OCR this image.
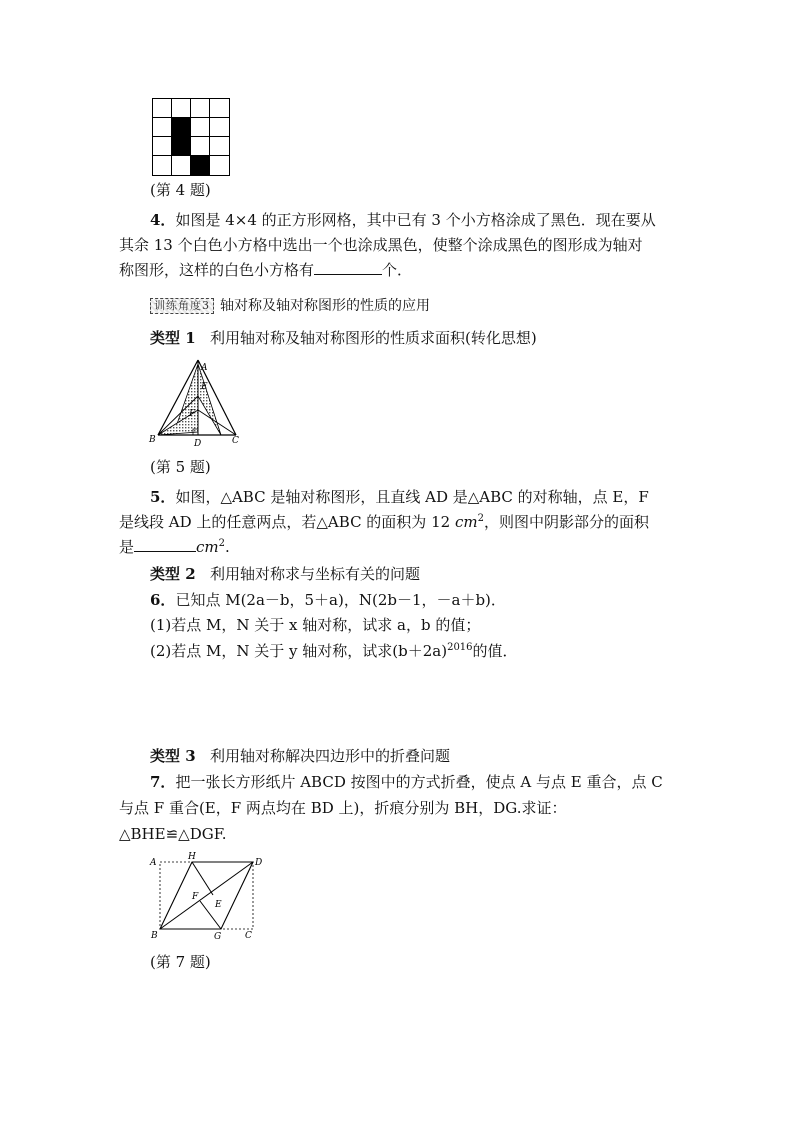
(第 4 题)
4．如图是 4×4 的正方形网格，其中已有 3 个小方格涂成了黑色．现在要从
其余 13 个白色小方格中选出一个也涂成黑色，使整个涂成黑色的图形成为轴对
称图形，这样的白色小方格有	个．
训练角度3 轴对称及轴对称图形的性质的应用
类型 1 利用轴对称及轴对称图形的性质求面积(转化思想)
A
E
F
B	D	C
(第 5 题)
5．如图，△ABC 是轴对称图形，且直线 AD 是△ABC 的对称轴，点 E，F
是线段 AD 上的任意两点，若△ABC 的面积为 12 $cm^2$，则图中阴影部分的面积
是	$cm^2$.
类型 2 利用轴对称求与坐标有关的问题
6．已知点 M(2a－b，5＋a)，N(2b－1，－a＋b)．
(1)若点 M，N 关于 x 轴对称，试求 a，b 的值；
(2)若点 M，N 关于 y 轴对称，试求$(b+2a)^{2016}$的值．
类型 3 利用轴对称解决四边形中的折叠问题
7．把一张长方形纸片 ABCD 按图中的方式折叠，使点 A 与点 E 重合，点 C
与点 F 重合(E，F 两点均在 BD 上)，折痕分别为 BH，DG.求证：
△BHE≌△DGF.
A
H
D
F
E
B	G	C
(第 7 题)
